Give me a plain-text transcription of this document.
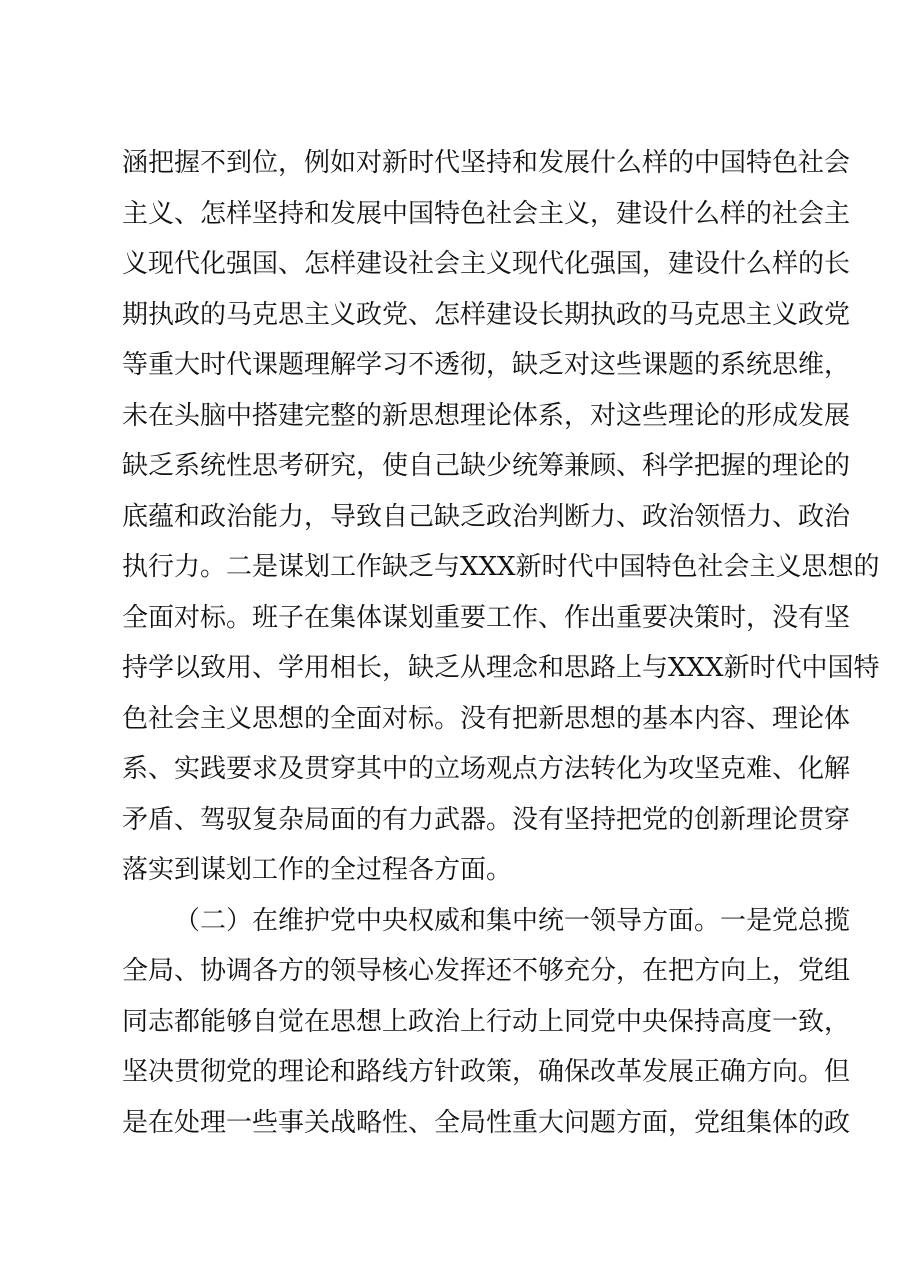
涵把握不到位，例如对新时代坚持和发展什么样的中国特色社会
主义、怎样坚持和发展中国特色社会主义，建设什么样的社会主
义现代化强国、怎样建设社会主义现代化强国，建设什么样的长
期执政的马克思主义政党、怎样建设长期执政的马克思主义政党
等重大时代课题理解学习不透彻，缺乏对这些课题的系统思维，
未在头脑中搭建完整的新思想理论体系，对这些理论的形成发展
缺乏系统性思考研究，使自己缺少统筹兼顾、科学把握的理论的
底蕴和政治能力，导致自己缺乏政治判断力、政治领悟力、政治
执行力。二是谋划工作缺乏与XXX新时代中国特色社会主义思想的
全面对标。班子在集体谋划重要工作、作出重要决策时，没有坚
持学以致用、学用相长，缺乏从理念和思路上与XXX新时代中国特
色社会主义思想的全面对标。没有把新思想的基本内容、理论体
系、实践要求及贯穿其中的立场观点方法转化为攻坚克难、化解
矛盾、驾驭复杂局面的有力武器。没有坚持把党的创新理论贯穿
落实到谋划工作的全过程各方面。
（二）在维护党中央权威和集中统一领导方面。一是党总揽
全局、协调各方的领导核心发挥还不够充分，在把方向上，党组
同志都能够自觉在思想上政治上行动上同党中央保持高度一致，
坚决贯彻党的理论和路线方针政策，确保改革发展正确方向。但
是在处理一些事关战略性、全局性重大问题方面，党组集体的政
